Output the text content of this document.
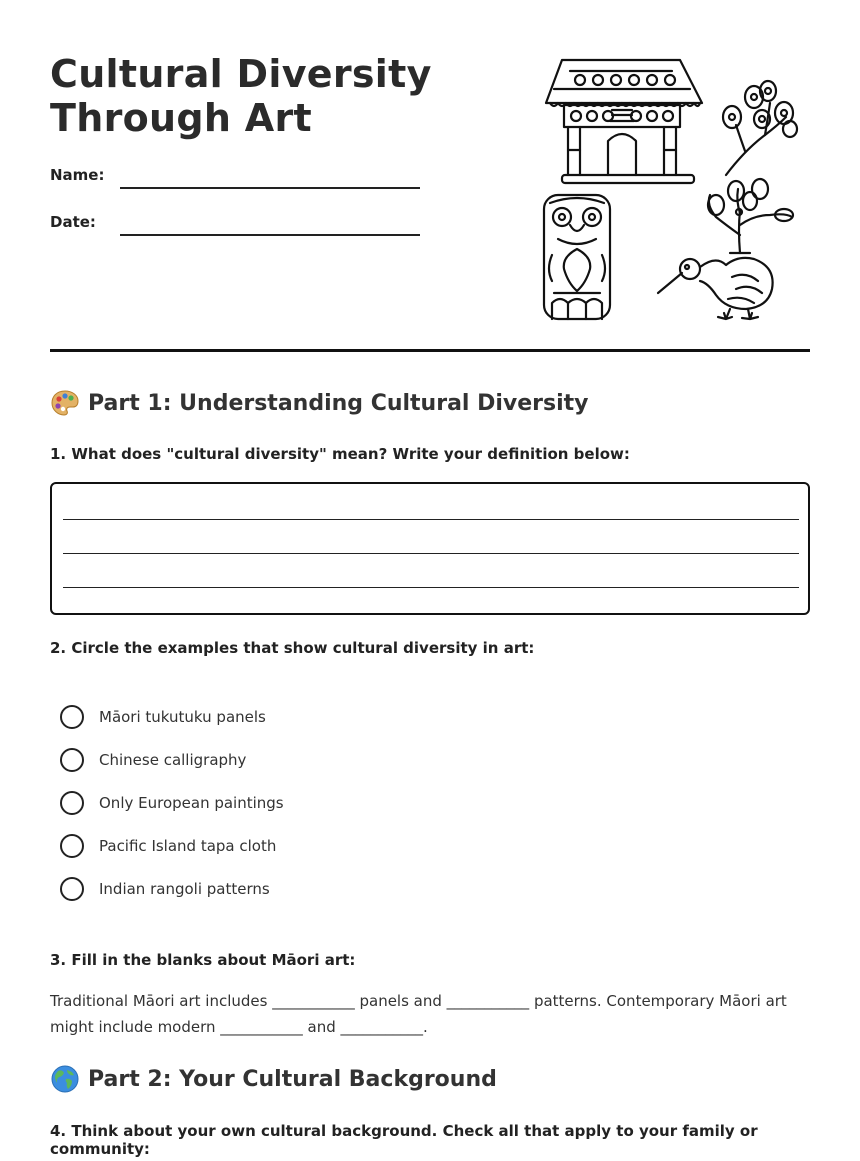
Cultural Diversity
Through Art
Name:
Date:
Part 1: Understanding Cultural Diversity
1. What does "cultural diversity" mean? Write your definition below:
2. Circle the examples that show cultural diversity in art:
Māori tukutuku panels
Chinese calligraphy
Only European paintings
Pacific Island tapa cloth
Indian rangoli patterns
3. Fill in the blanks about Māori art:
Traditional Māori art includes ___________ panels and ___________ patterns. Contemporary Māori art might include modern ___________ and ___________.
Part 2: Your Cultural Background
4. Think about your own cultural background. Check all that apply to your family or community:
